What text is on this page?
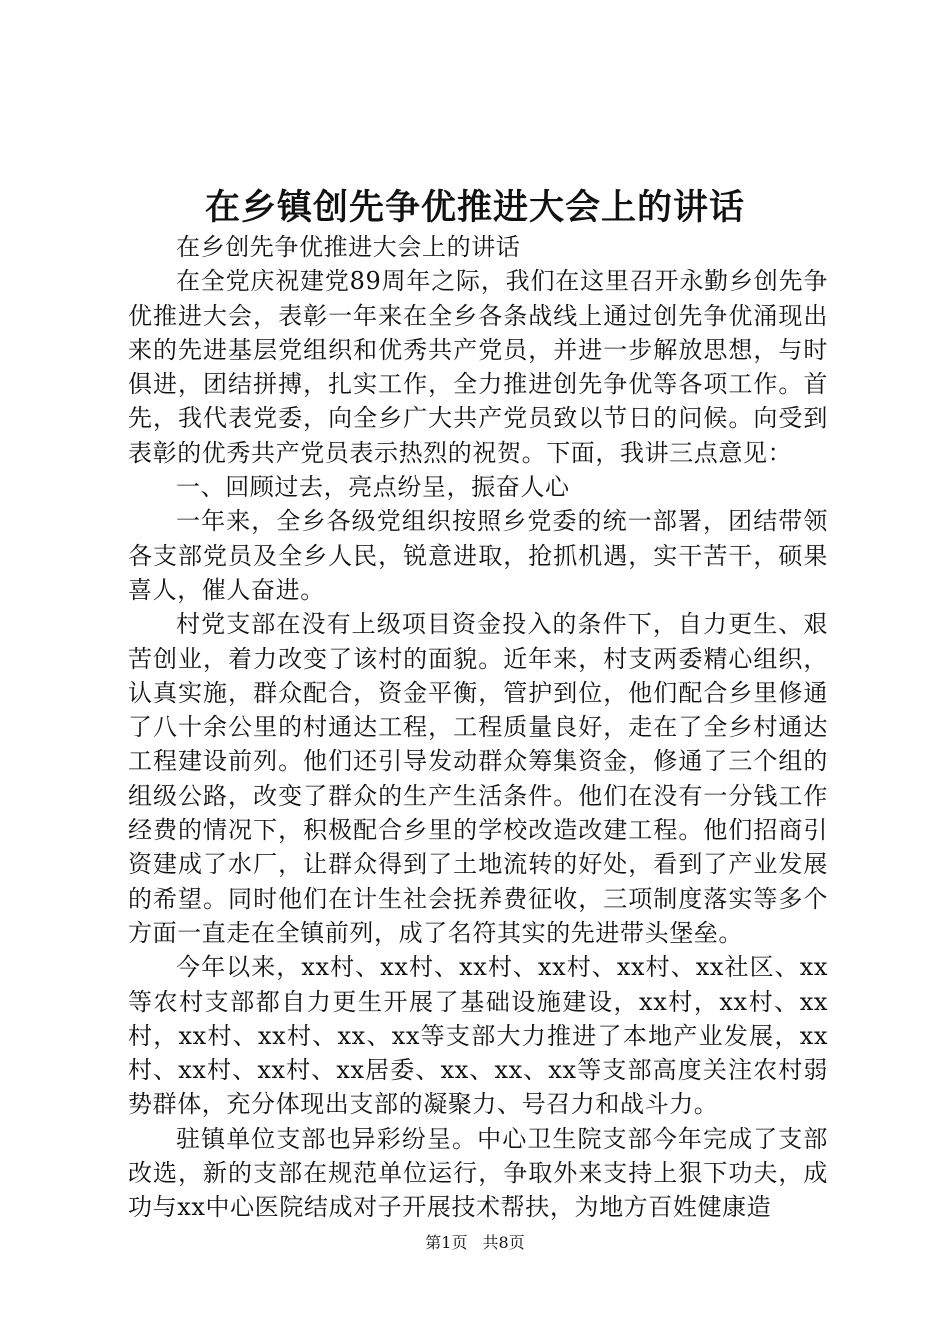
在乡镇创先争优推进大会上的讲话

在乡创先争优推进大会上的讲话

在全党庆祝建党89周年之际，我们在这里召开永勤乡创先争优推进大会，表彰一年来在全乡各条战线上通过创先争优涌现出来的先进基层党组织和优秀共产党员，并进一步解放思想，与时俱进，团结拼搏，扎实工作，全力推进创先争优等各项工作。首先，我代表党委，向全乡广大共产党员致以节日的问候。向受到表彰的优秀共产党员表示热烈的祝贺。下面，我讲三点意见：

一、回顾过去，亮点纷呈，振奋人心

一年来，全乡各级党组织按照乡党委的统一部署，团结带领各支部党员及全乡人民，锐意进取，抢抓机遇，实干苦干，硕果喜人，催人奋进。

村党支部在没有上级项目资金投入的条件下，自力更生、艰苦创业，着力改变了该村的面貌。近年来，村支两委精心组织，认真实施，群众配合，资金平衡，管护到位，他们配合乡里修通了八十余公里的村通达工程，工程质量良好，走在了全乡村通达工程建设前列。他们还引导发动群众筹集资金，修通了三个组的组级公路，改变了群众的生产生活条件。他们在没有一分钱工作经费的情况下，积极配合乡里的学校改造改建工程。他们招商引资建成了水厂，让群众得到了土地流转的好处，看到了产业发展的希望。同时他们在计生社会抚养费征收，三项制度落实等多个方面一直走在全镇前列，成了名符其实的先进带头堡垒。

今年以来，xx村、xx村、xx村、xx村、xx村、xx社区、xx等农村支部都自力更生开展了基础设施建设，xx村，xx村、xx村，xx村、xx村、xx、xx等支部大力推进了本地产业发展，xx村、xx村、xx村、xx居委、xx、xx、xx等支部高度关注农村弱势群体，充分体现出支部的凝聚力、号召力和战斗力。

驻镇单位支部也异彩纷呈。中心卫生院支部今年完成了支部改选，新的支部在规范单位运行，争取外来支持上狠下功夫，成功与xx中心医院结成对子开展技术帮扶，为地方百姓健康造

第1页 共8页
